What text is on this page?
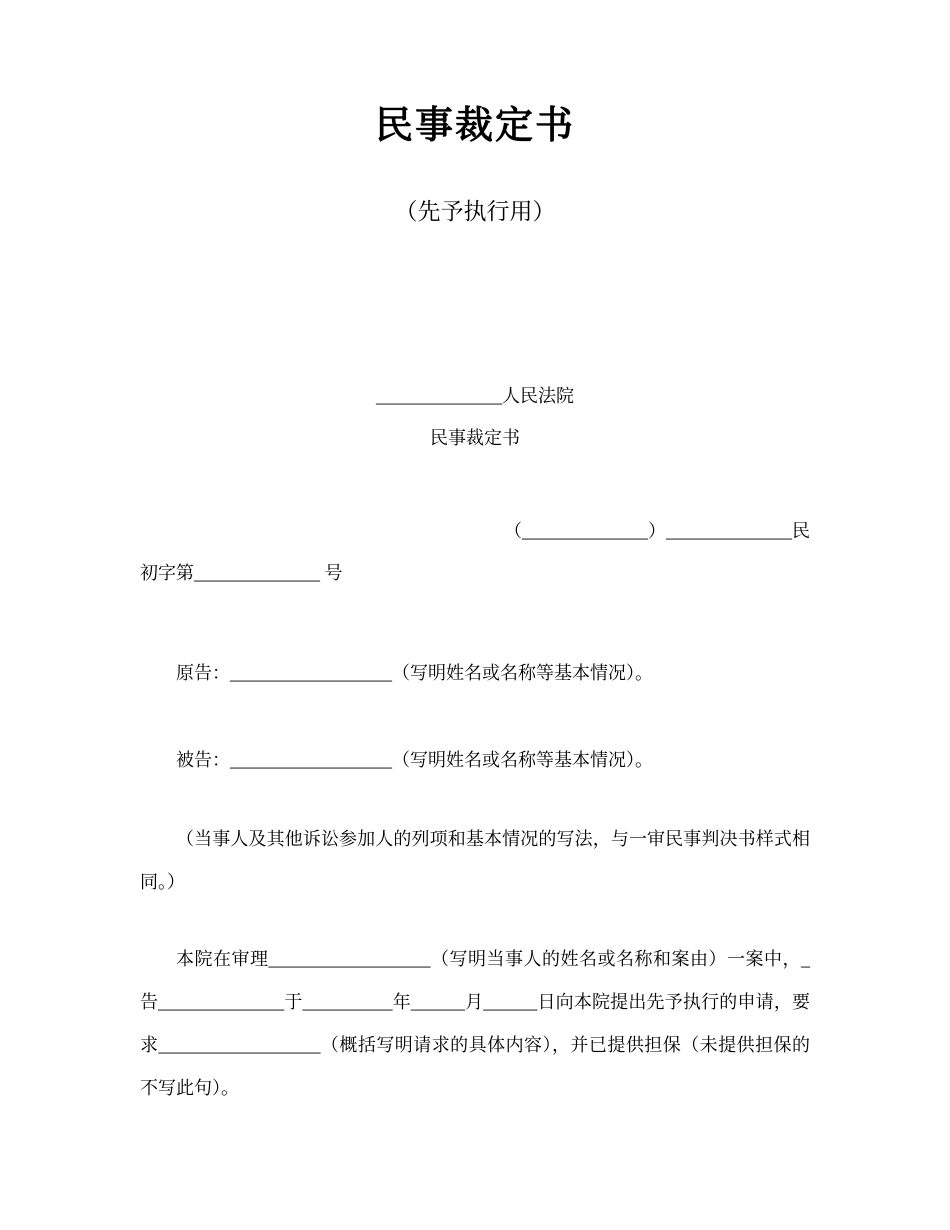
民事裁定书
（先予执行用）
______________人民法院
民事裁定书
（______________）______________民
初字第______________ 号
原告：__________________（写明姓名或名称等基本情况）。
被告：__________________（写明姓名或名称等基本情况）。
（当事人及其他诉讼参加人的列项和基本情况的写法，与一审民事判决书样式相同。）
本院在审理__________________（写明当事人的姓名或名称和案由）一案中，_告______________于__________年______月______日向本院提出先予执行的申请，要求__________________（概括写明请求的具体内容），并已提供担保（未提供担保的不写此句）。
